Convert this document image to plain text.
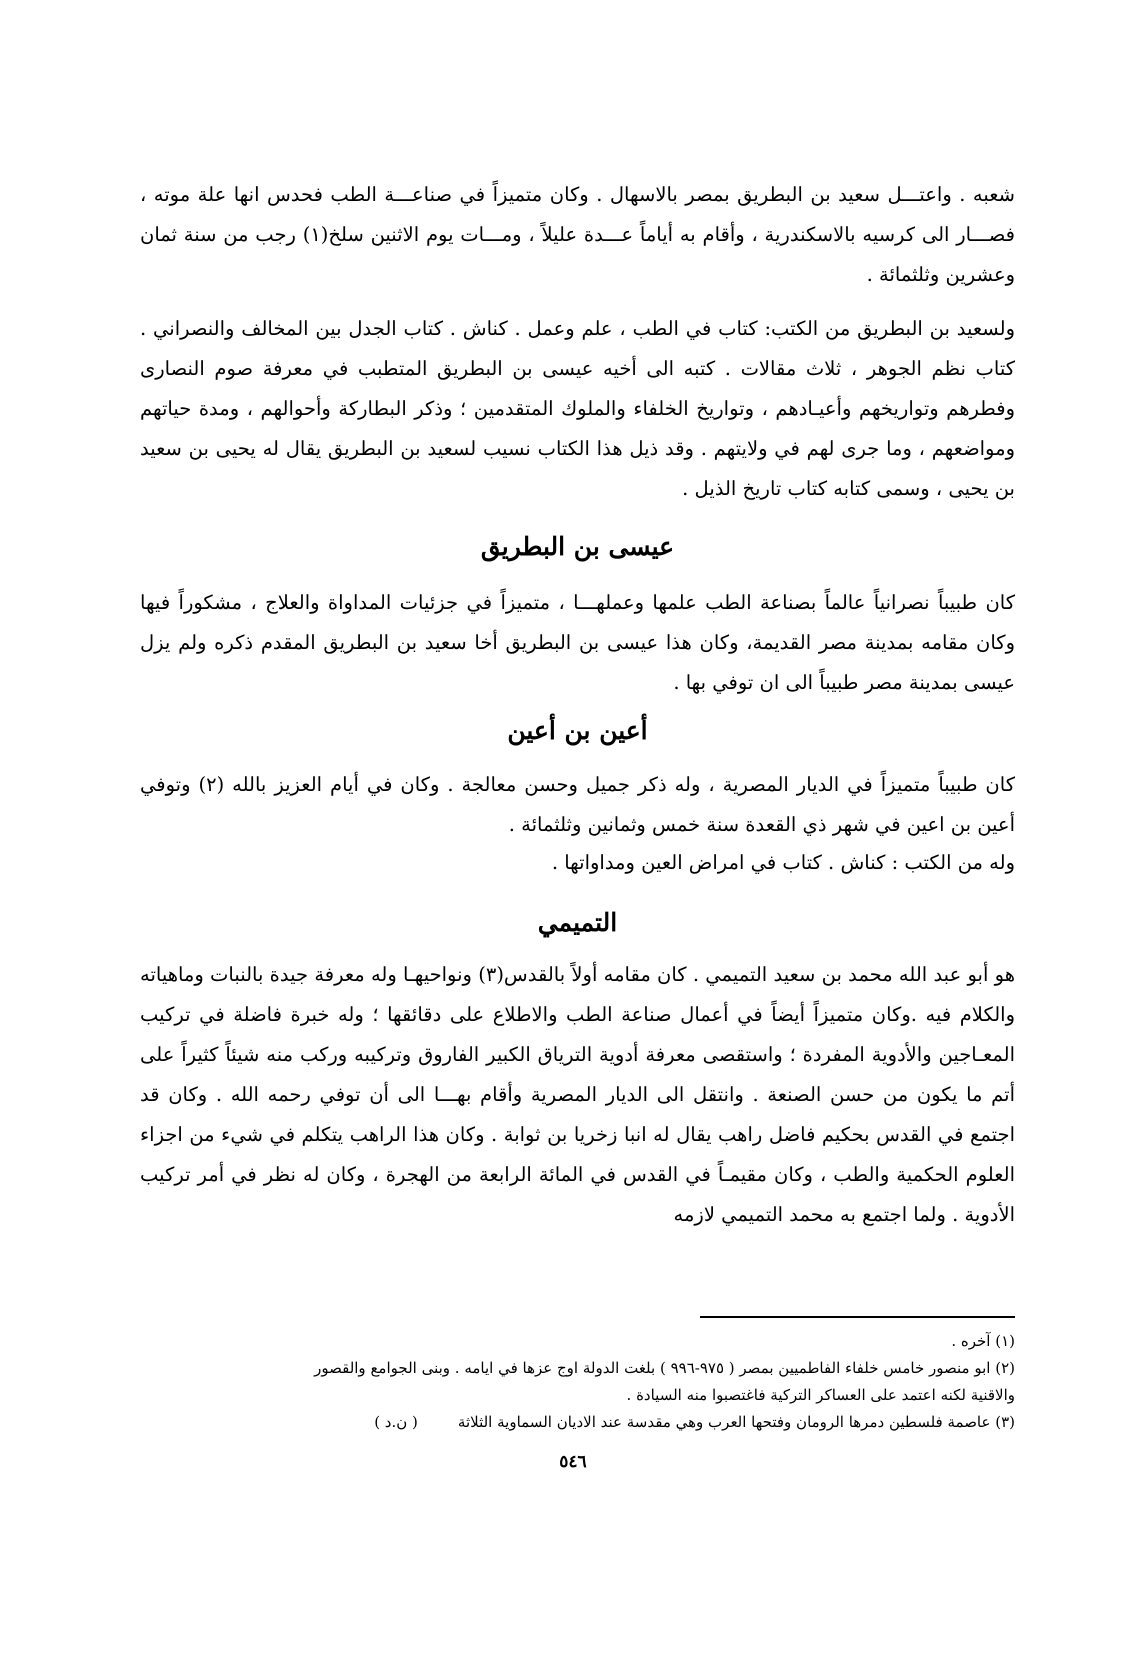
شعبه . واعتـــل سعيد بن البطريق بمصر بالاسهال . وكان متميزاً في صناعـــة الطب فحدس انها علة موته ، فصـــار الى كرسيه بالاسكندرية ، وأقام به أياماً عـــدة عليلاً ، ومـــات يوم الاثنين سلخ(١) رجب من سنة ثمان وعشرين وثلثمائة .

ولسعيد بن البطريق من الكتب: كتاب في الطب ، علم وعمل . كناش . كتاب الجدل بين المخالف والنصراني . كتاب نظم الجوهر ، ثلاث مقالات . كتبه الى أخيه عيسى بن البطريق المتطبب في معرفة صوم النصارى وفطرهم وتواريخهم وأعيـادهم ، وتواريخ الخلفاء والملوك المتقدمين ؛ وذكر البطاركة وأحوالهم ، ومدة حياتهم ومواضعهم ، وما جرى لهم في ولايتهم . وقد ذيل هذا الكتاب نسيب لسعيد بن البطريق يقال له يحيى بن سعيد بن يحيى ، وسمى كتابه كتاب تاريخ الذيل .

عيسى بن البطريق

كان طبيباً نصرانياً عالماً بصناعة الطب علمها وعملهـــا ، متميزاً في جزئيات المداواة والعلاج ، مشكوراً فيها وكان مقامه بمدينة مصر القديمة، وكان هذا عيسى بن البطريق أخا سعيد بن البطريق المقدم ذكره ولم يزل عيسى بمدينة مصر طبيباً الى ان توفي بها .

أعين بن أعين

كان طبيباً متميزاً في الديار المصرية ، وله ذكر جميل وحسن معالجة . وكان في أيام العزيز بالله (٢) وتوفي أعين بن اعين في شهر ذي القعدة سنة خمس وثمانين وثلثمائة .

وله من الكتب : كناش . كتاب في امراض العين ومداواتها .

التميمي

هو أبو عبد الله محمد بن سعيد التميمي . كان مقامه أولاً بالقدس(٣) ونواحيهـا وله معرفة جيدة بالنبات وماهياته والكلام فيه .وكان متميزاً أيضاً في أعمال صناعة الطب والاطلاع على دقائقها ؛ وله خبرة فاضلة في تركيب المعـاجين والأدوية المفردة ؛ واستقصى معرفة أدوية الترياق الكبير الفاروق وتركيبه وركب منه شيئاً كثيراً على أتم ما يكون من حسن الصنعة . وانتقل الى الديار المصرية وأقام بهـــا الى أن توفي رحمه الله . وكان قد اجتمع في القدس بحكيم فاضل راهب يقال له انبا زخريا بن ثوابة . وكان هذا الراهب يتكلم في شيء من اجزاء العلوم الحكمية والطب ، وكان مقيمـاً في القدس في المائة الرابعة من الهجرة ، وكان له نظر في أمر تركيب الأدوية . ولما اجتمع به محمد التميمي لازمه

(١) آخره .

(٢) ابو منصور خامس خلفاء الفاطميين بمصر ( ٩٧٥-٩٩٦ ) بلغت الدولة اوج عزها في ايامه . وبنى الجوامع والقصور

والاقنية لكنه اعتمد على العساكر التركية فاغتصبوا منه السيادة .

(٣) عاصمة فلسطين دمرها الرومان وفتحها العرب وهي مقدسة عند الاديان السماوية الثلاثة( ن.د )

٥٤٦
